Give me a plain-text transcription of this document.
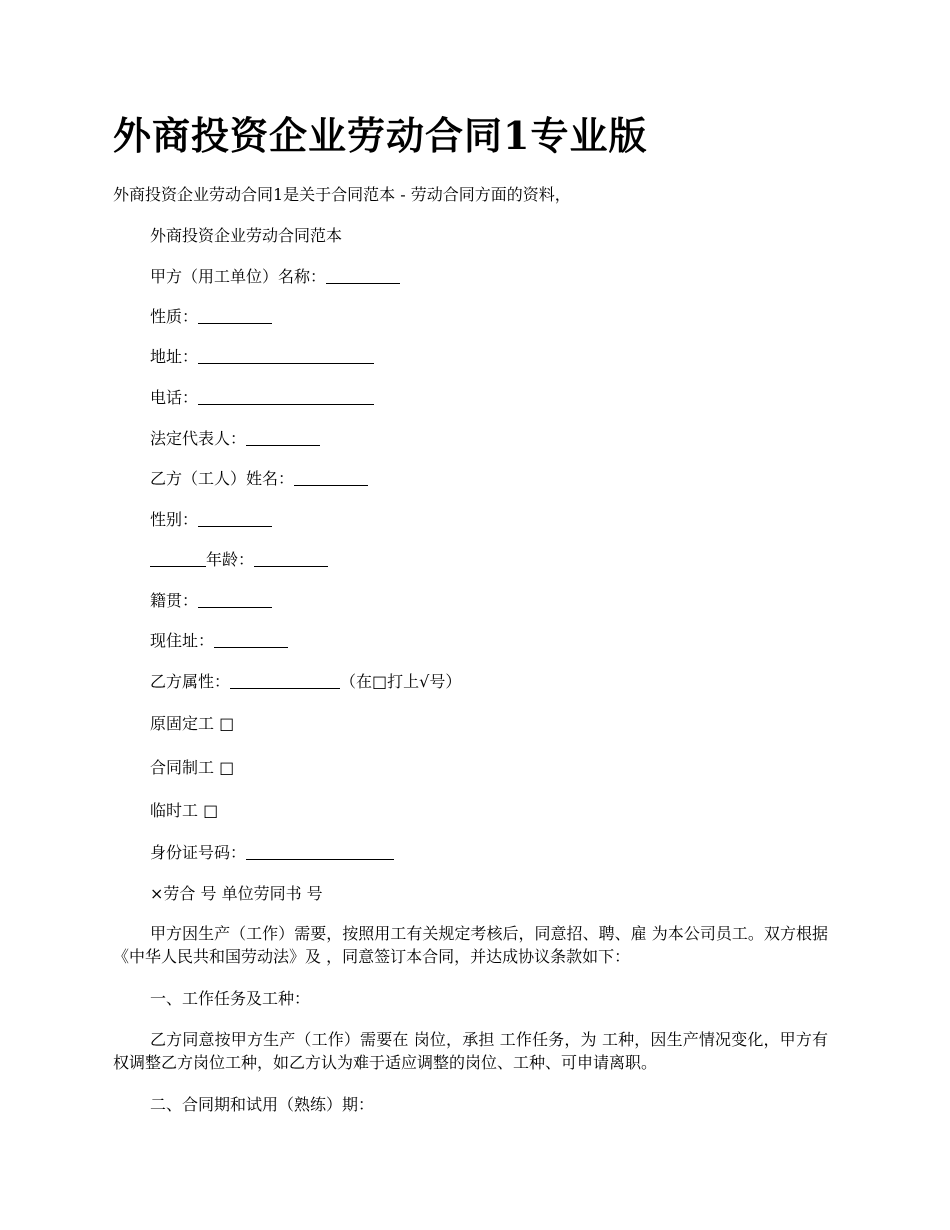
外商投资企业劳动合同1专业版
外商投资企业劳动合同1是关于合同范本 - 劳动合同方面的资料，
外商投资企业劳动合同范本
甲方（用工单位）名称：
性质：
地址：
电话：
法定代表人：
乙方（工人）姓名：
性别：
年龄：
籍贯：
现住址：
乙方属性：	（在□打上√号）
原固定工 □
合同制工 □
临时工 □
身份证号码：
×劳合 号 单位劳同书 号
甲方因生产（工作）需要，按照用工有关规定考核后，同意招、聘、雇 为本公司员工。双方根据《中华人民共和国劳动法》及 ，同意签订本合同，并达成协议条款如下：
一、工作任务及工种：
乙方同意按甲方生产（工作）需要在 岗位，承担 工作任务，为 工种，因生产情况变化，甲方有权调整乙方岗位工种，如乙方认为难于适应调整的岗位、工种、可申请离职。
二、合同期和试用（熟练）期：
